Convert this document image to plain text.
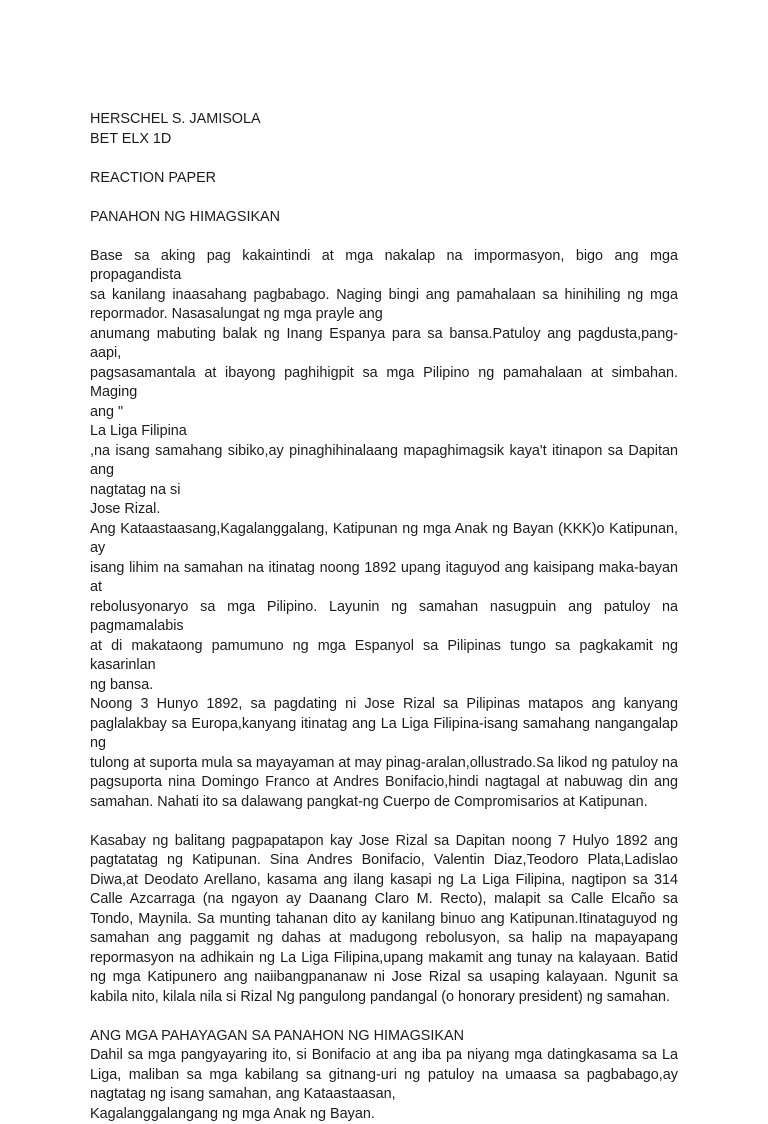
HERSCHEL S. JAMISOLA

BET ELX 1D

REACTION PAPER

PANAHON NG HIMAGSIKAN

Base sa aking pag kakaintindi at mga nakalap na impormasyon, bigo ang mga propagandista

sa kanilang inaasahang pagbabago. Naging bingi ang pamahalaan sa hinihiling ng mga

repormador. Nasasalungat ng mga prayle ang

anumang mabuting balak ng Inang Espanya para sa bansa.Patuloy ang pagdusta,pang-aapi,

pagsasamantala at ibayong paghihigpit sa mga Pilipino ng pamahalaan at simbahan. Maging

ang "

La Liga Filipina

,na isang samahang sibiko,ay pinaghihinalaang mapaghimagsik kaya't itinapon sa Dapitan ang

nagtatag na si

Jose Rizal.

Ang Kataastaasang,Kagalanggalang, Katipunan ng mga Anak ng Bayan (KKK)o Katipunan, ay

isang lihim na samahan na itinatag noong 1892 upang itaguyod ang kaisipang maka-bayan at

rebolusyonaryo sa mga Pilipino. Layunin ng samahan nasugpuin ang patuloy na pagmamalabis

at di makataong pamumuno ng mga Espanyol sa Pilipinas tungo sa pagkakamit ng kasarinlan

ng bansa.

Noong 3 Hunyo 1892, sa pagdating ni Jose Rizal sa Pilipinas matapos ang kanyang

paglalakbay sa Europa,kanyang itinatag ang La Liga Filipina-isang samahang nangangalap ng

tulong at suporta mula sa mayayaman at may pinag-aralan,ollustrado.Sa likod ng patuloy na

pagsuporta nina Domingo Franco at Andres Bonifacio,hindi nagtagal at nabuwag din ang

samahan. Nahati ito sa dalawang pangkat-ng Cuerpo de Compromisarios at Katipunan.

Kasabay ng balitang pagpapatapon kay Jose Rizal sa Dapitan noong 7 Hulyo 1892 ang

pagtatatag ng Katipunan. Sina Andres Bonifacio, Valentin Diaz,Teodoro Plata,Ladislao

Diwa,at Deodato Arellano, kasama ang ilang kasapi ng La Liga Filipina, nagtipon sa 314

Calle Azcarraga (na ngayon ay Daanang Claro M. Recto), malapit sa Calle Elcaño sa

Tondo, Maynila. Sa munting tahanan dito ay kanilang binuo ang Katipunan.Itinataguyod ng

samahan ang paggamit ng dahas at madugong rebolusyon, sa halip na mapayapang

repormasyon na adhikain ng La Liga Filipina,upang makamit ang tunay na kalayaan. Batid

ng mga Katipunero ang naiibangpananaw ni Jose Rizal sa usaping kalayaan. Ngunit sa

kabila nito, kilala nila si Rizal Ng pangulong pandangal (o honorary president) ng samahan.

ANG MGA PAHAYAGAN SA PANAHON NG HIMAGSIKAN

Dahil sa mga pangyayaring ito, si Bonifacio at ang iba pa niyang mga datingkasama sa La

Liga, maliban sa mga kabilang sa gitnang-uri ng patuloy na umaasa sa pagbabago,ay

nagtatag ng isang samahan, ang Kataastaasan,

Kagalanggalangang ng mga Anak ng Bayan.
